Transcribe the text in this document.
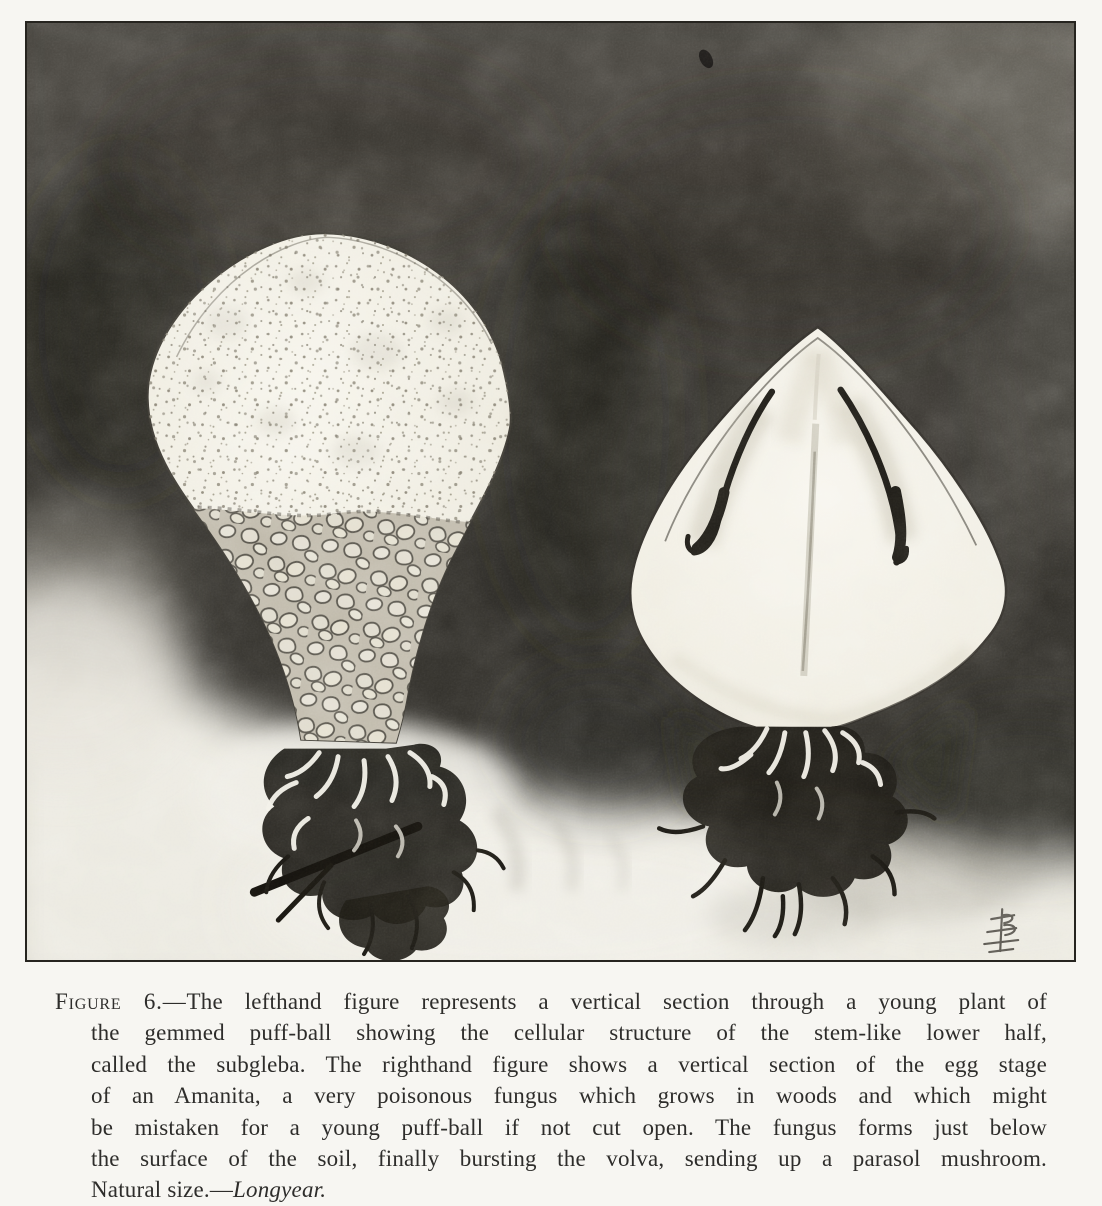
Figure 6.—The lefthand figure represents a vertical section through a young plant of
the gemmed puff-ball showing the cellular structure of the stem-like lower half,
called the subgleba. The righthand figure shows a vertical section of the egg stage
of an Amanita, a very poisonous fungus which grows in woods and which might
be mistaken for a young puff-ball if not cut open. The fungus forms just below
the surface of the soil, finally bursting the volva, sending up a parasol mushroom.
Natural size.—Longyear.
